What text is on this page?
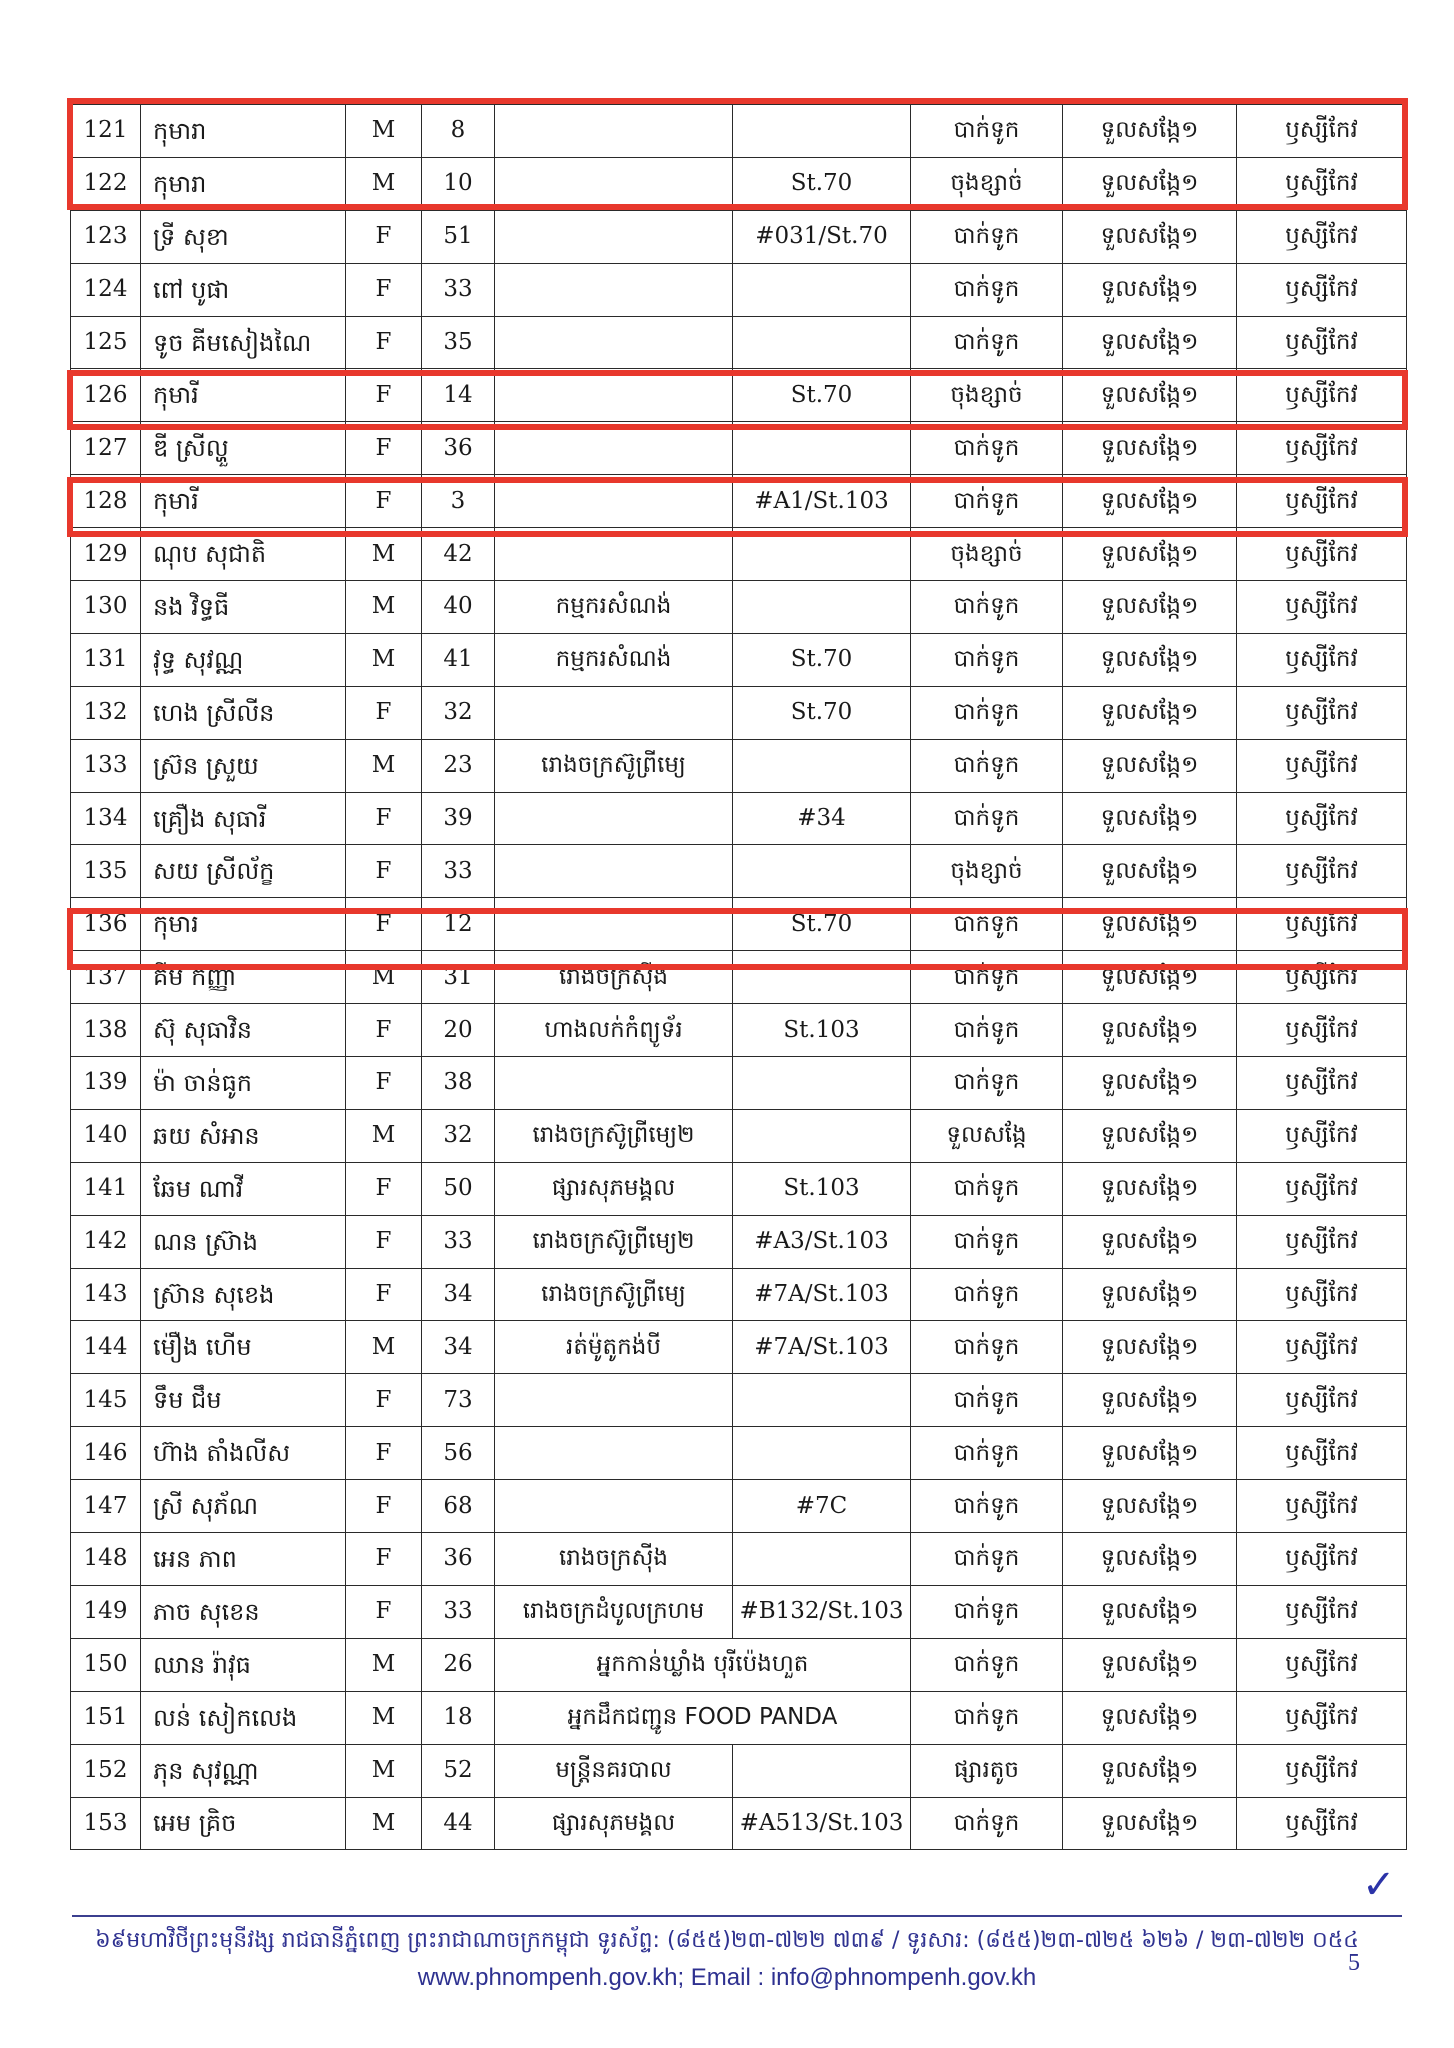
121	កុមារា	M	8			បាក់ទូក	ទួលសង្កែ១	ឫស្សីកែវ
122	កុមារា	M	10		St.70	ចុងខ្សាច់	ទួលសង្កែ១	ឫស្សីកែវ
123	ទ្រី សុខា	F	51		#031/St.70	បាក់ទូក	ទួលសង្កែ១	ឫស្សីកែវ
124	ពៅ បូផា	F	33			បាក់ទូក	ទួលសង្កែ១	ឫស្សីកែវ
125	ទូច គីមសៀងណៃ	F	35			បាក់ទូក	ទួលសង្កែ១	ឫស្សីកែវ
126	កុមារី	F	14		St.70	ចុងខ្សាច់	ទួលសង្កែ១	ឫស្សីកែវ
127	ឌី ស្រីល្ហួ	F	36			បាក់ទូក	ទួលសង្កែ១	ឫស្សីកែវ
128	កុមារី	F	3		#A1/St.103	បាក់ទូក	ទួលសង្កែ១	ឫស្សីកែវ
129	ណុប សុជាតិ	M	42			ចុងខ្សាច់	ទួលសង្កែ១	ឫស្សីកែវ
130	នង វិទ្ធធី	M	40	កម្មករសំណង់		បាក់ទូក	ទួលសង្កែ១	ឫស្សីកែវ
131	វុទ្ធ សុវណ្ណ	M	41	កម្មករសំណង់	St.70	បាក់ទូក	ទួលសង្កែ១	ឫស្សីកែវ
132	ហេង ស្រីលីន	F	32		St.70	បាក់ទូក	ទួលសង្កែ១	ឫស្សីកែវ
133	ស្រ៊ន ស្រួយ	M	23	រោងចក្រស៊ូព្រីម្យេ		បាក់ទូក	ទួលសង្កែ១	ឫស្សីកែវ
134	គ្រឿង សុធារី	F	39		#34	បាក់ទូក	ទួលសង្កែ១	ឫស្សីកែវ
135	សយ ស្រីល័ក្ខ	F	33			ចុងខ្សាច់	ទួលសង្កែ១	ឫស្សីកែវ
136	កុមារី	F	12		St.70	បាក់ទូក	ទួលសង្កែ១	ឫស្សីកែវ
137	គីម កញ្ញា	M	31	រោងចក្រស៊ីង		បាក់ទូក	ទួលសង្កែ១	ឫស្សីកែវ
138	ស៊ុ សុធាវិន	F	20	ហាងលក់កំព្យូទ័រ	St.103	បាក់ទូក	ទួលសង្កែ១	ឫស្សីកែវ
139	ម៉ា ចាន់ធូក	F	38			បាក់ទូក	ទួលសង្កែ១	ឫស្សីកែវ
140	ឆយ សំអាន	M	32	រោងចក្រស៊ូព្រីម្យេ២		ទួលសង្កែ	ទួលសង្កែ១	ឫស្សីកែវ
141	ឆែម ណាវី	F	50	ផ្សារសុភមង្គល	St.103	បាក់ទូក	ទួលសង្កែ១	ឫស្សីកែវ
142	ណន ស្រ៊ាង	F	33	រោងចក្រស៊ូព្រីម្យេ២	#A3/St.103	បាក់ទូក	ទួលសង្កែ១	ឫស្សីកែវ
143	ស្រ៊ាន សុខេង	F	34	រោងចក្រស៊ូព្រីម្យេ	#7A/St.103	បាក់ទូក	ទួលសង្កែ១	ឫស្សីកែវ
144	ម៉ឿង ហើម	M	34	រត់ម៉ូតូកង់បី	#7A/St.103	បាក់ទូក	ទួលសង្កែ១	ឫស្សីកែវ
145	ទឹម ជឹម	F	73			បាក់ទូក	ទួលសង្កែ១	ឫស្សីកែវ
146	ហ៊ាង តាំងលីស	F	56			បាក់ទូក	ទួលសង្កែ១	ឫស្សីកែវ
147	ស្រី សុភ័ណ	F	68		#7C	បាក់ទូក	ទួលសង្កែ១	ឫស្សីកែវ
148	អេន ភាព	F	36	រោងចក្រស៊ីង		បាក់ទូក	ទួលសង្កែ១	ឫស្សីកែវ
149	ភាច សុខេន	F	33	រោងចក្រដំបូលក្រហម	#B132/St.103	បាក់ទូក	ទួលសង្កែ១	ឫស្សីកែវ
150	ឈាន រ៉ាវុធ	M	26	អ្នកកាន់ឃ្លាំង បុរីប៉េងហួត		បាក់ទូក	ទួលសង្កែ១	ឫស្សីកែវ
151	លន់ សៀកលេង	M	18	អ្នកដឹកជញ្ជូន FOOD PANDA		បាក់ទូក	ទួលសង្កែ១	ឫស្សីកែវ
152	ភុន សុវណ្ណា	M	52	មន្ត្រីនគរបាល		ផ្សារតូច	ទួលសង្កែ១	ឫស្សីកែវ
153	អេម គ្រិច	M	44	ផ្សារសុភមង្គល	#A513/St.103	បាក់ទូក	ទួលសង្កែ១	ឫស្សីកែវ
✓
៦៩មហាវិថីព្រះមុនីវង្ស រាជធានីភ្នំពេញ ព្រះរាជាណាចក្រកម្ពុជា ទូរស័ព្ទ: (៨៥៥)២៣-៧២២ ៧៣៩ / ទូរសារ: (៨៥៥)២៣-៧២៥ ៦២៦ / ២៣-៧២២ ០៥៤
5
www.phnompenh.gov.kh; Email : info@phnompenh.gov.kh
